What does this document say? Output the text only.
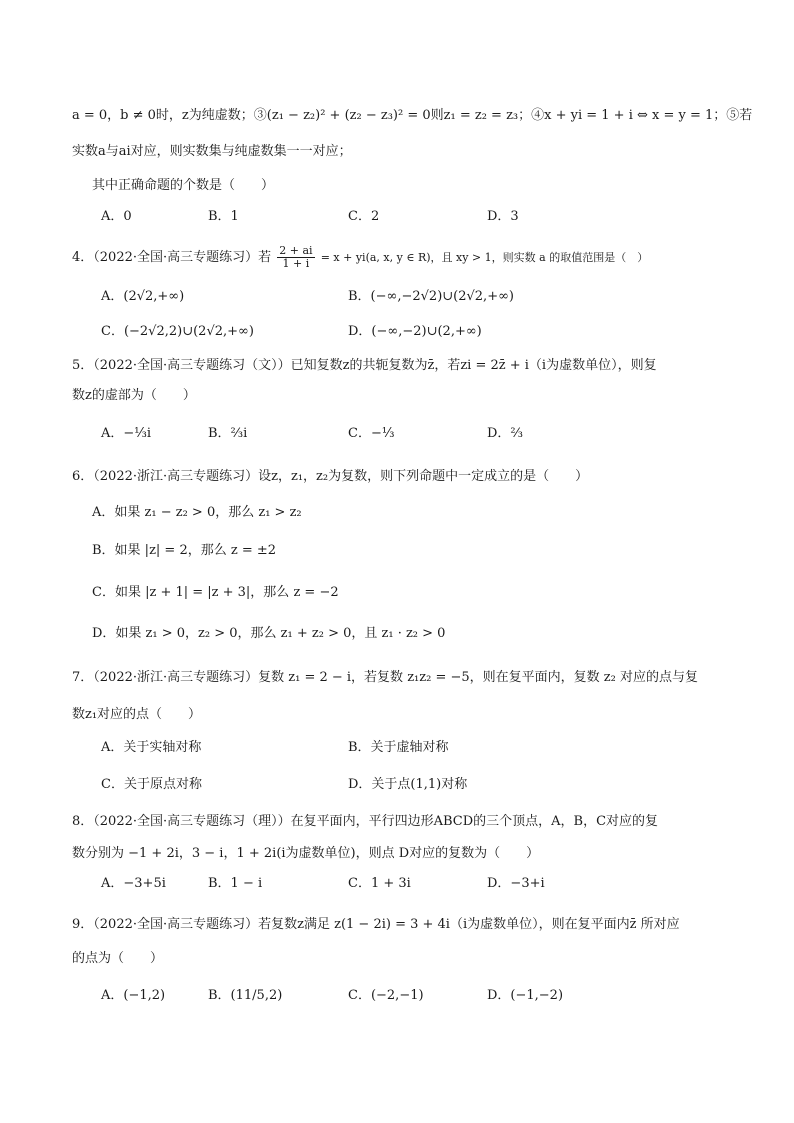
a = 0，b ≠ 0时，z为纯虚数；③(z₁ − z₂)² + (z₂ − z₃)² = 0则z₁ = z₂ = z₃；④x + yi = 1 + i ⇔ x = y = 1；⑤若
实数a与ai对应，则实数集与纯虚数集一一对应；
其中正确命题的个数是（　　）
A．0	B．1	C．2	D．3
4．（2022·全国·高三专题练习）若 $\frac{2 + ai}{1 + i} = x + yi(a$, x, y ∈ R)，且 xy > 1，则实数 a 的取值范围是（　）
A．(2√2,+∞)	B．(−∞,−2√2)∪(2√2,+∞)
C．(−2√2,2)∪(2√2,+∞)	D．(−∞,−2)∪(2,+∞)
5．（2022·全国·高三专题练习（文））已知复数z的共轭复数为z̄，若zi = 2z̄ + i（i为虚数单位），则复
数z的虚部为（　　）
A．−⅓i	B．⅔i	C．−⅓	D．⅔
6．（2022·浙江·高三专题练习）设z，z₁，z₂为复数，则下列命题中一定成立的是（　　）
A．如果 z₁ − z₂ > 0，那么 z₁ > z₂
B．如果 |z| = 2，那么 z = ±2
C．如果 |z + 1| = |z + 3|，那么 z = −2
D．如果 z₁ > 0，z₂ > 0，那么 z₁ + z₂ > 0，且 z₁ · z₂ > 0
7．（2022·浙江·高三专题练习）复数 z₁ = 2 − i，若复数 z₁z₂ = −5，则在复平面内，复数 z₂ 对应的点与复
数z₁对应的点（　　）
A．关于实轴对称	B．关于虚轴对称
C．关于原点对称	D．关于点(1,1)对称
8．（2022·全国·高三专题练习（理））在复平面内，平行四边形ABCD的三个顶点，A，B，C对应的复
数分别为 −1 + 2i，3 − i，1 + 2i(i为虚数单位)，则点 D对应的复数为（　　）
A．−3+5i	B．1 − i	C．1 + 3i	D．−3+i
9．（2022·全国·高三专题练习）若复数z满足 z(1 − 2i) = 3 + 4i（i为虚数单位），则在复平面内z̄ 所对应
的点为（　　）
A．(−1,2)	B．(11/5,2)	C．(−2,−1)	D．(−1,−2)
